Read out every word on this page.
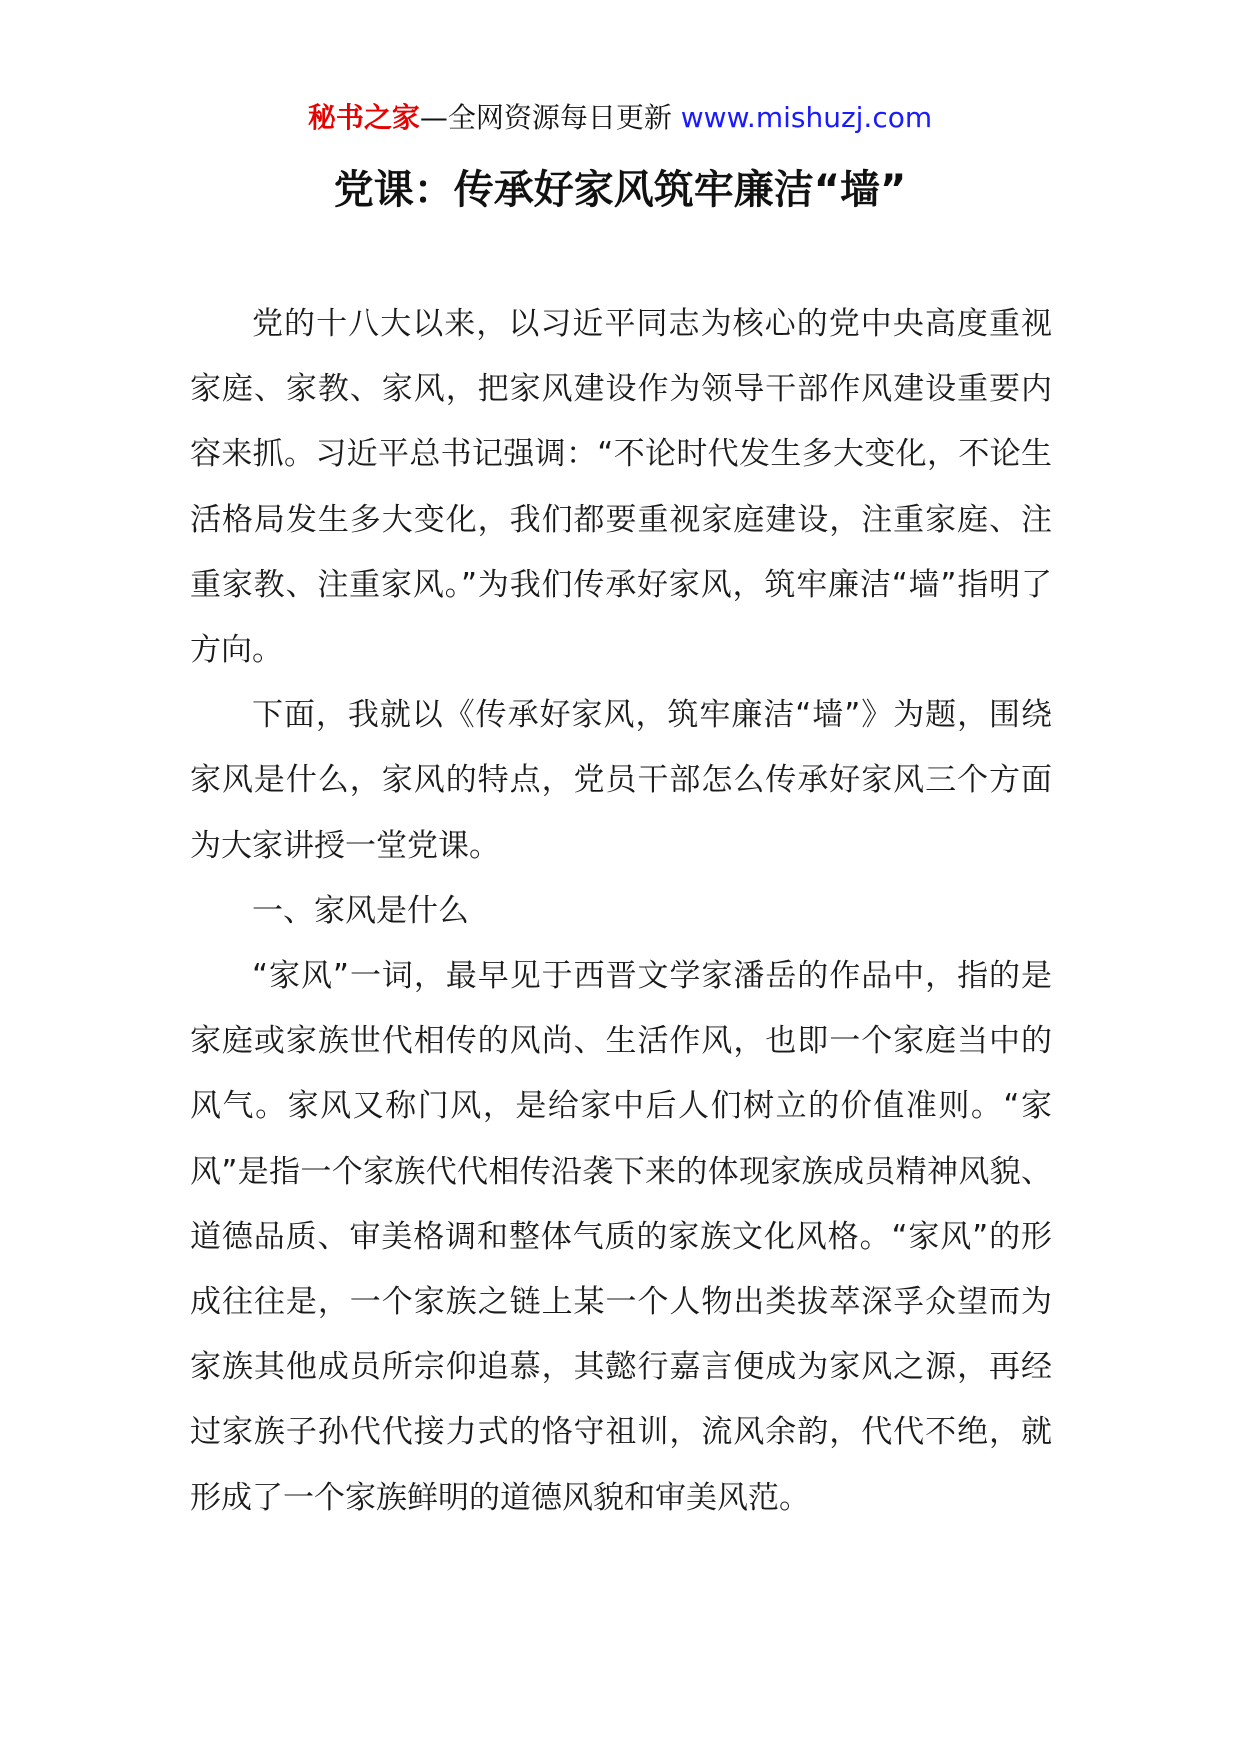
秘书之家—全网资源每日更新 www.mishuzj.com
党课：传承好家风筑牢廉洁“墙”

党的十八大以来，以习近平同志为核心的党中央高度重视家庭、家教、家风，把家风建设作为领导干部作风建设重要内容来抓。习近平总书记强调：“不论时代发生多大变化，不论生活格局发生多大变化，我们都要重视家庭建设，注重家庭、注重家教、注重家风。”为我们传承好家风，筑牢廉洁“墙”指明了方向。

下面，我就以《传承好家风，筑牢廉洁“墙”》为题，围绕家风是什么，家风的特点，党员干部怎么传承好家风三个方面为大家讲授一堂党课。

一、家风是什么

“家风”一词，最早见于西晋文学家潘岳的作品中，指的是家庭或家族世代相传的风尚、生活作风，也即一个家庭当中的风气。家风又称门风，是给家中后人们树立的价值准则。“家风”是指一个家族代代相传沿袭下来的体现家族成员精神风貌、道德品质、审美格调和整体气质的家族文化风格。“家风”的形成往往是，一个家族之链上某一个人物出类拔萃深孚众望而为家族其他成员所宗仰追慕，其懿行嘉言便成为家风之源，再经过家族子孙代代接力式的恪守祖训，流风余韵，代代不绝，就形成了一个家族鲜明的道德风貌和审美风范。
